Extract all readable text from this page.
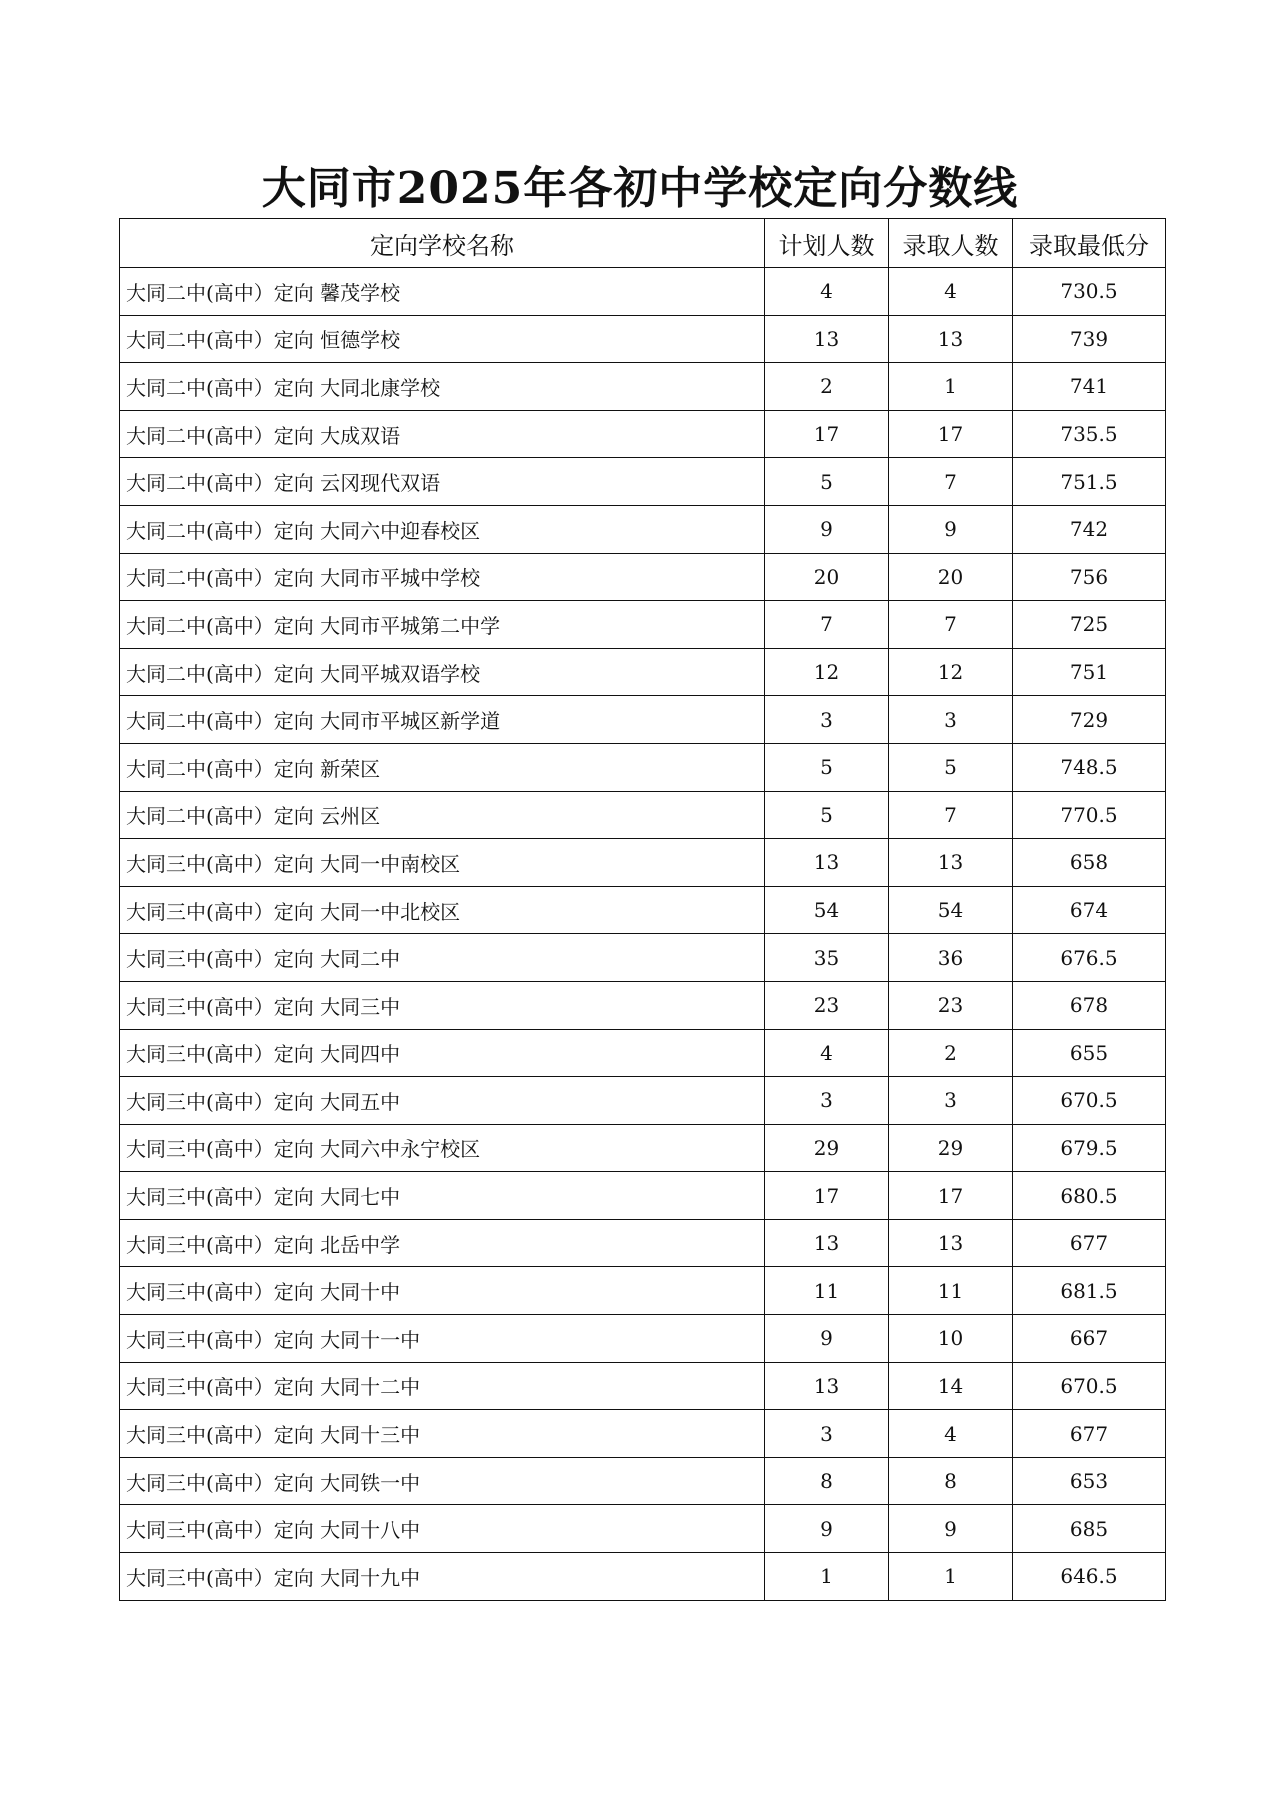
大同市2025年各初中学校定向分数线
定向学校名称	计划人数	录取人数	录取最低分
大同二中(高中）定向 馨茂学校	4	4	730.5
大同二中(高中）定向 恒德学校	13	13	739
大同二中(高中）定向 大同北康学校	2	1	741
大同二中(高中）定向 大成双语	17	17	735.5
大同二中(高中）定向 云冈现代双语	5	7	751.5
大同二中(高中）定向 大同六中迎春校区	9	9	742
大同二中(高中）定向 大同市平城中学校	20	20	756
大同二中(高中）定向 大同市平城第二中学	7	7	725
大同二中(高中）定向 大同平城双语学校	12	12	751
大同二中(高中）定向 大同市平城区新学道	3	3	729
大同二中(高中）定向 新荣区	5	5	748.5
大同二中(高中）定向 云州区	5	7	770.5
大同三中(高中）定向 大同一中南校区	13	13	658
大同三中(高中）定向 大同一中北校区	54	54	674
大同三中(高中）定向 大同二中	35	36	676.5
大同三中(高中）定向 大同三中	23	23	678
大同三中(高中）定向 大同四中	4	2	655
大同三中(高中）定向 大同五中	3	3	670.5
大同三中(高中）定向 大同六中永宁校区	29	29	679.5
大同三中(高中）定向 大同七中	17	17	680.5
大同三中(高中）定向 北岳中学	13	13	677
大同三中(高中）定向 大同十中	11	11	681.5
大同三中(高中）定向 大同十一中	9	10	667
大同三中(高中）定向 大同十二中	13	14	670.5
大同三中(高中）定向 大同十三中	3	4	677
大同三中(高中）定向 大同铁一中	8	8	653
大同三中(高中）定向 大同十八中	9	9	685
大同三中(高中）定向 大同十九中	1	1	646.5
